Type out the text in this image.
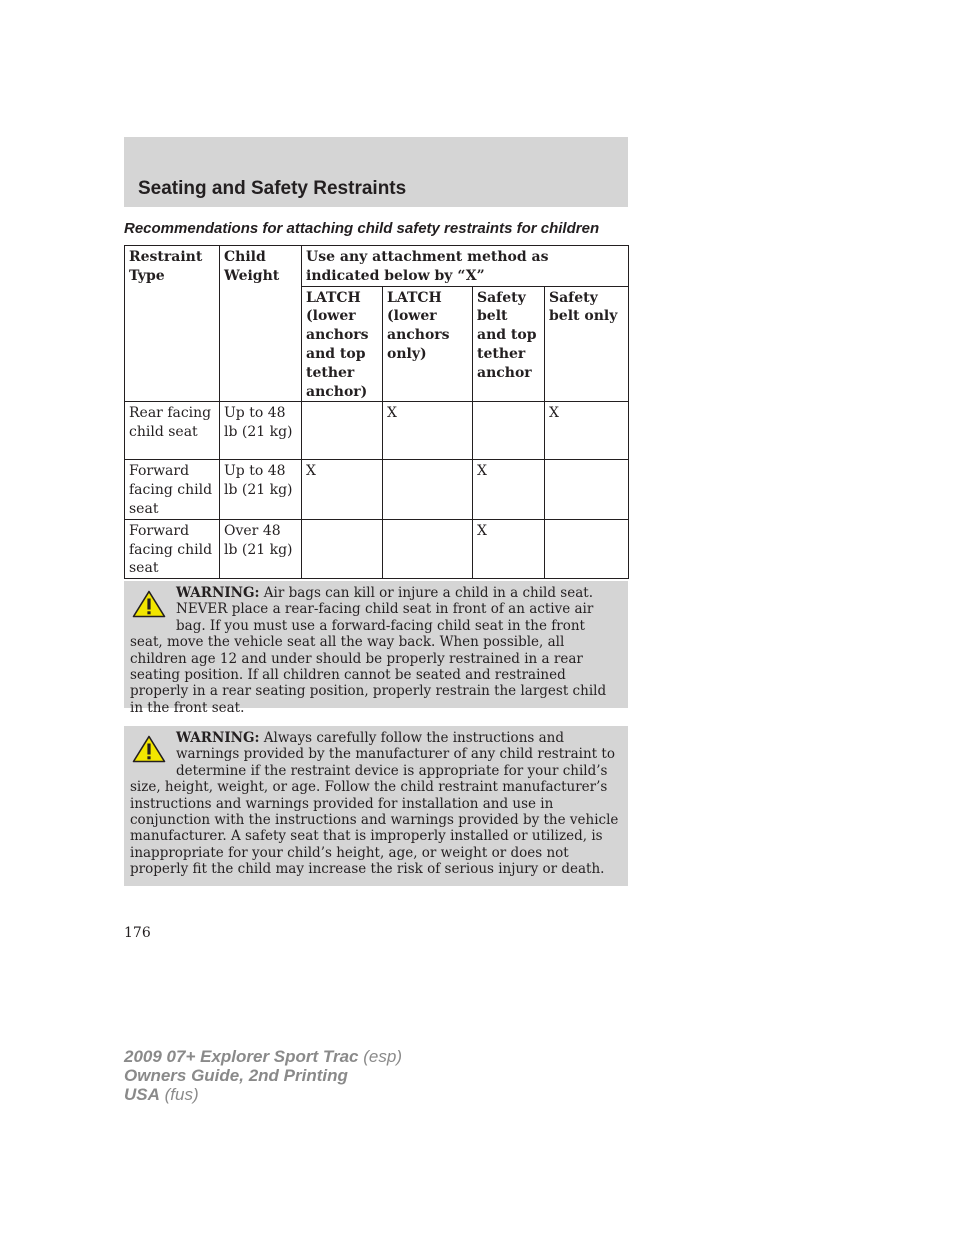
Seating and Safety Restraints
Recommendations for attaching child safety restraints for children
Restraint Type	Child Weight	Use any attachment method as indicated below by “X”			
		LATCH (lower anchors and top tether anchor)	LATCH (lower anchors only)	Safety belt and top tether anchor	Safety belt only
Rear facing child seat	Up to 48 lb (21 kg)		X		X
Forward facing child seat	Up to 48 lb (21 kg)	X		X	
Forward facing child seat	Over 48 lb (21 kg)			X	
WARNING: Air bags can kill or injure a child in a child seat. NEVER place a rear-facing child seat in front of an active air bag. If you must use a forward-facing child seat in the front seat, move the vehicle seat all the way back. When possible, all children age 12 and under should be properly restrained in a rear seating position. If all children cannot be seated and restrained properly in a rear seating position, properly restrain the largest child in the front seat.
WARNING: Always carefully follow the instructions and warnings provided by the manufacturer of any child restraint to determine if the restraint device is appropriate for your child’s size, height, weight, or age. Follow the child restraint manufacturer’s instructions and warnings provided for installation and use in conjunction with the instructions and warnings provided by the vehicle manufacturer. A safety seat that is improperly installed or utilized, is inappropriate for your child’s height, age, or weight or does not properly fit the child may increase the risk of serious injury or death.

176

2009 07+ Explorer Sport Trac (esp)
Owners Guide, 2nd Printing
USA (fus)
